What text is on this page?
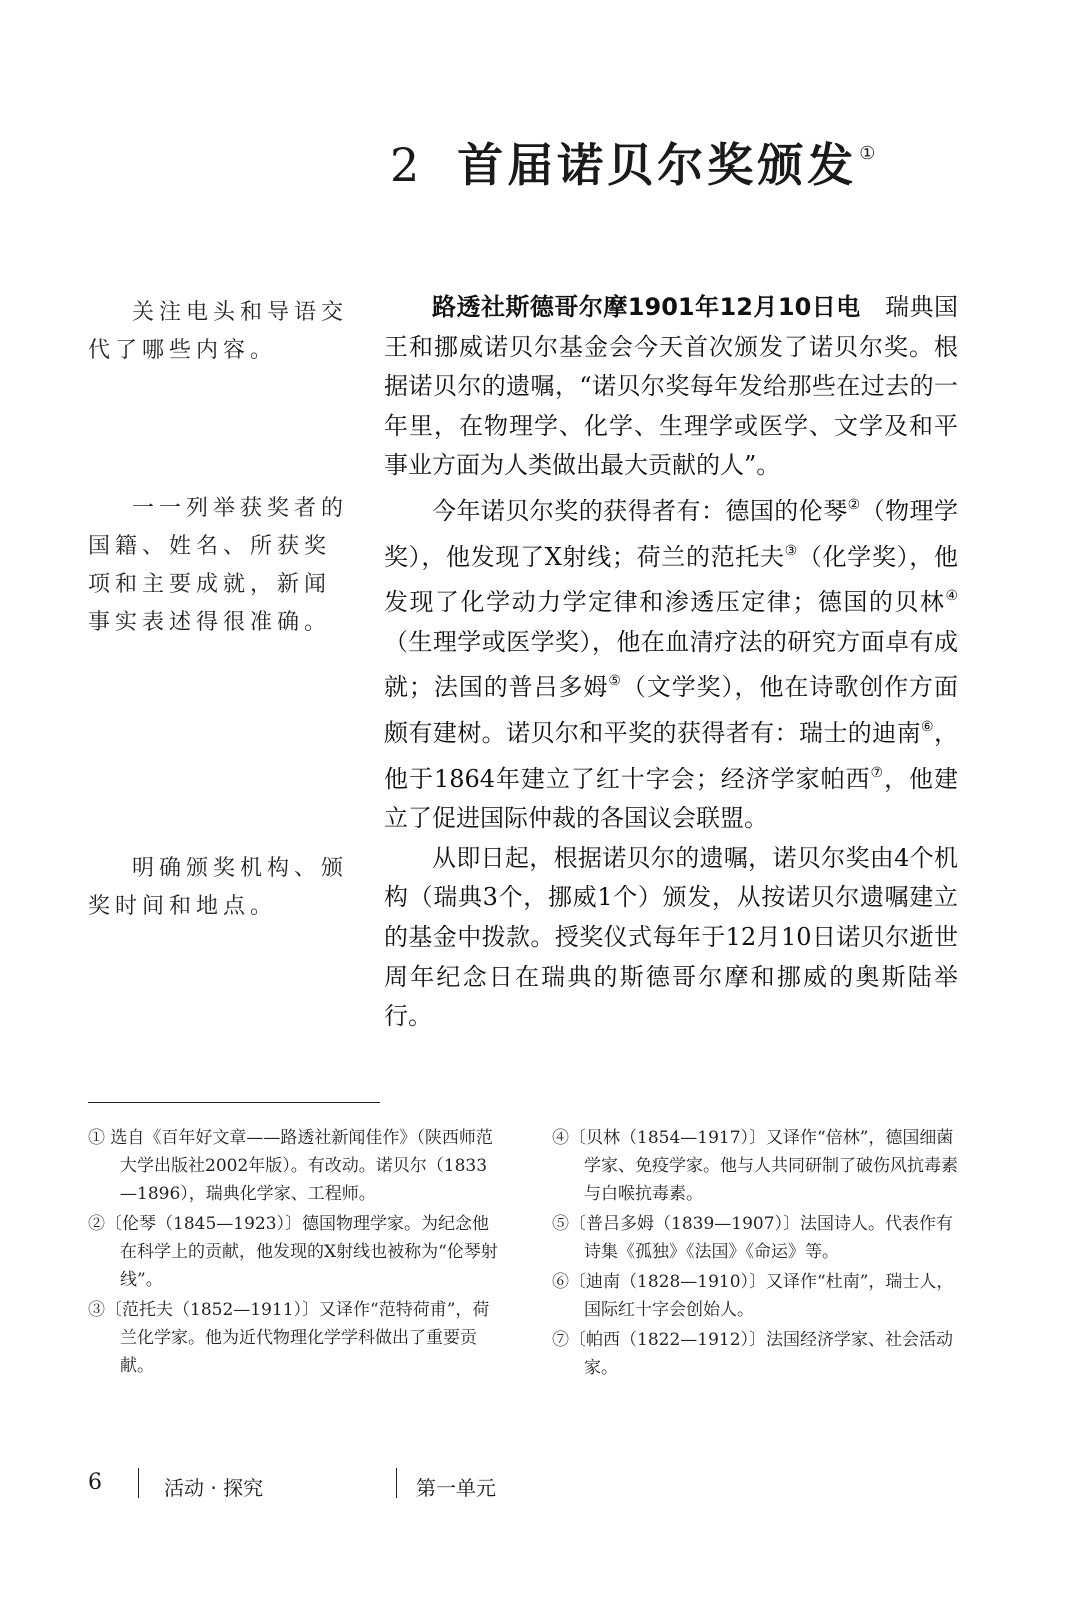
2 首届诺贝尔奖颁发 ①
关注电头和导语交代了哪些内容。
一一列举获奖者的国籍、姓名、所获奖项和主要成就，新闻事实表述得很准确。
明确颁奖机构、颁奖时间和地点。

路透社斯德哥尔摩1901年12月10日电 瑞典国王和挪威诺贝尔基金会今天首次颁发了诺贝尔奖。根据诺贝尔的遗嘱，“诺贝尔奖每年发给那些在过去的一年里，在物理学、化学、生理学或医学、文学及和平事业方面为人类做出最大贡献的人”。

今年诺贝尔奖的获得者有：德国的伦琴②（物理学奖），他发现了X射线；荷兰的范托夫③（化学奖），他发现了化学动力学定律和渗透压定律；德国的贝林④（生理学或医学奖），他在血清疗法的研究方面卓有成就；法国的普吕多姆⑤（文学奖），他在诗歌创作方面颇有建树。诺贝尔和平奖的获得者有：瑞士的迪南⑥，他于1864年建立了红十字会；经济学家帕西⑦，他建立了促进国际仲裁的各国议会联盟。

从即日起，根据诺贝尔的遗嘱，诺贝尔奖由4个机构（瑞典3个，挪威1个）颁发，从按诺贝尔遗嘱建立的基金中拨款。授奖仪式每年于12月10日诺贝尔逝世周年纪念日在瑞典的斯德哥尔摩和挪威的奥斯陆举行。

① 选自《百年好文章——路透社新闻佳作》（陕西师范大学出版社2002年版）。有改动。诺贝尔（1833—1896），瑞典化学家、工程师。

②〔伦琴（1845—1923）〕德国物理学家。为纪念他在科学上的贡献，他发现的X射线也被称为“伦琴射线”。

③〔范托夫（1852—1911）〕又译作“范特荷甫”，荷兰化学家。他为近代物理化学学科做出了重要贡献。

④〔贝林（1854—1917）〕又译作“倍林”，德国细菌学家、免疫学家。他与人共同研制了破伤风抗毒素与白喉抗毒素。

⑤〔普吕多姆（1839—1907）〕法国诗人。代表作有诗集《孤独》《法国》《命运》等。

⑥〔迪南（1828—1910）〕又译作“杜南”，瑞士人，国际红十字会创始人。

⑦〔帕西（1822—1912）〕法国经济学家、社会活动家。

6	活动 · 探究	第一单元
